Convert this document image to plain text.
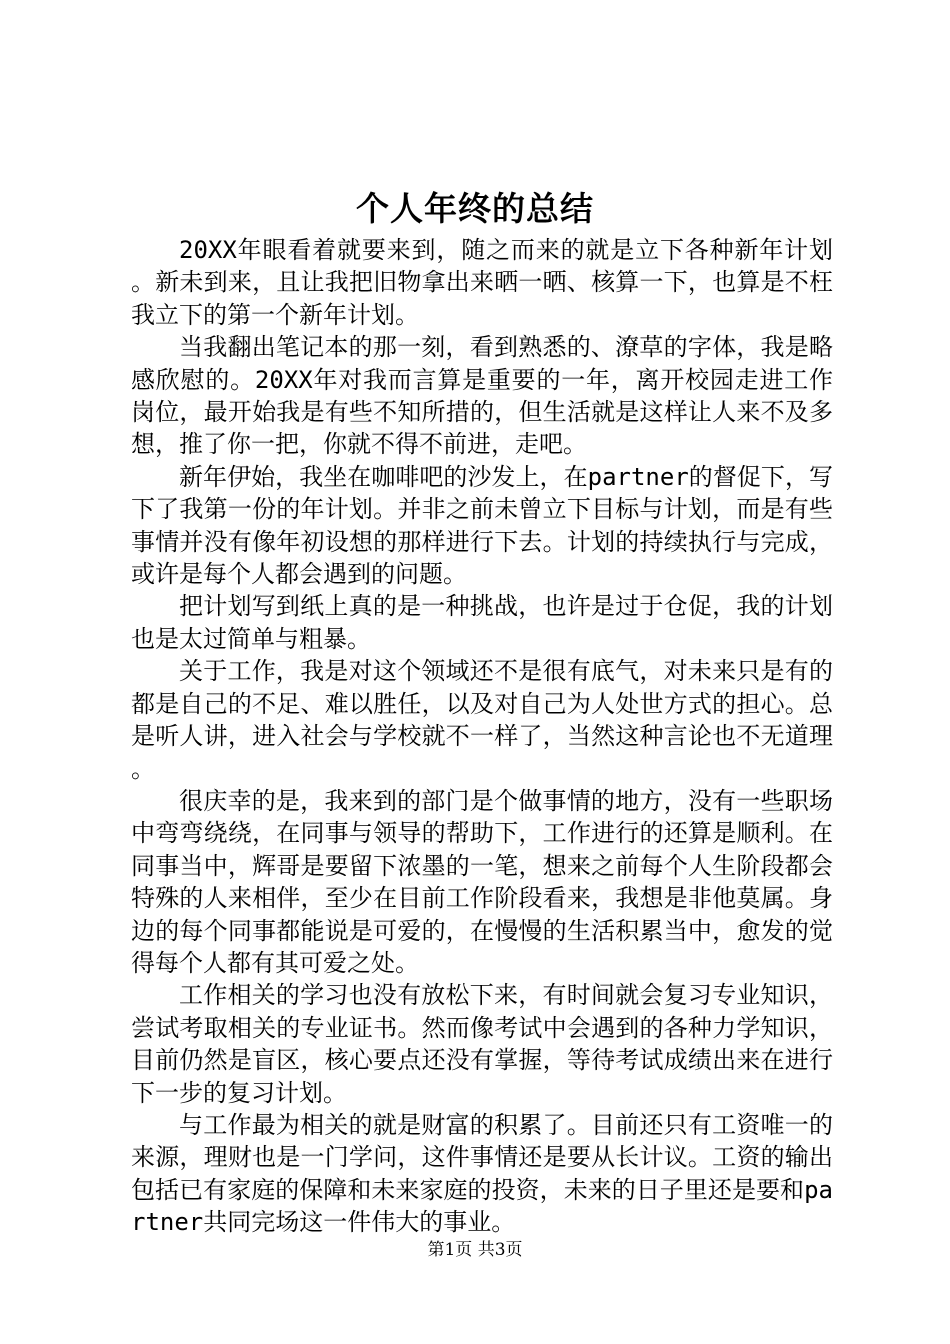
个人年终的总结

20XX年眼看着就要来到，随之而来的就是立下各种新年计划。新未到来，且让我把旧物拿出来晒一晒、核算一下，也算是不枉我立下的第一个新年计划。

当我翻出笔记本的那一刻，看到熟悉的、潦草的字体，我是略感欣慰的。20XX年对我而言算是重要的一年，离开校园走进工作岗位，最开始我是有些不知所措的，但生活就是这样让人来不及多想，推了你一把，你就不得不前进，走吧。

新年伊始，我坐在咖啡吧的沙发上，在partner的督促下，写下了我第一份的年计划。并非之前未曾立下目标与计划，而是有些事情并没有像年初设想的那样进行下去。计划的持续执行与完成，或许是每个人都会遇到的问题。

把计划写到纸上真的是一种挑战，也许是过于仓促，我的计划也是太过简单与粗暴。

关于工作，我是对这个领域还不是很有底气，对未来只是有的都是自己的不足、难以胜任，以及对自己为人处世方式的担心。总是听人讲，进入社会与学校就不一样了，当然这种言论也不无道理。

很庆幸的是，我来到的部门是个做事情的地方，没有一些职场中弯弯绕绕，在同事与领导的帮助下，工作进行的还算是顺利。在同事当中，辉哥是要留下浓墨的一笔，想来之前每个人生阶段都会特殊的人来相伴，至少在目前工作阶段看来，我想是非他莫属。身边的每个同事都能说是可爱的，在慢慢的生活积累当中，愈发的觉得每个人都有其可爱之处。

工作相关的学习也没有放松下来，有时间就会复习专业知识，尝试考取相关的专业证书。然而像考试中会遇到的各种力学知识，目前仍然是盲区，核心要点还没有掌握，等待考试成绩出来在进行下一步的复习计划。

与工作最为相关的就是财富的积累了。目前还只有工资唯一的来源，理财也是一门学问，这件事情还是要从长计议。工资的输出包括已有家庭的保障和未来家庭的投资，未来的日子里还是要和partner共同完场这一件伟大的事业。

第1页 共3页
